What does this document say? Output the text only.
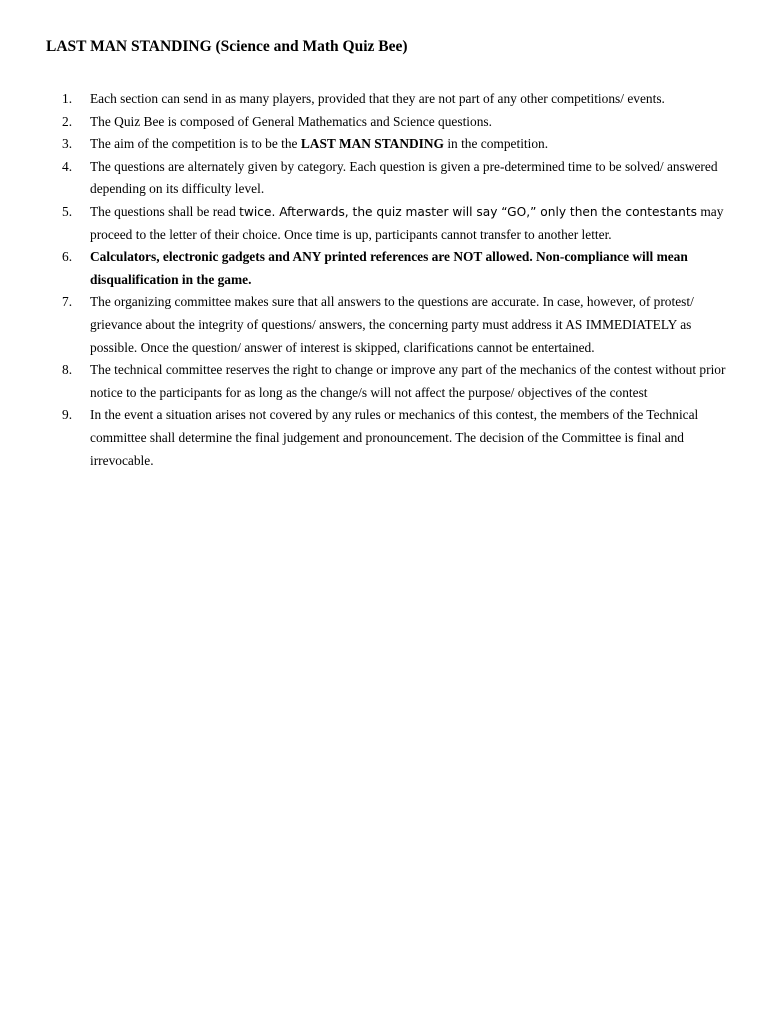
LAST MAN STANDING (Science and Math Quiz Bee)
1.	Each section can send in as many players, provided that they are not part of any other competitions/ events.
2.	The Quiz Bee is composed of General Mathematics and Science questions.
3.	The aim of the competition is to be the LAST MAN STANDING in the competition.
4.	The questions are alternately given by category. Each question is given a pre-determined time to be solved/ answered depending on its difficulty level.
5.	The questions shall be read twice. Afterwards, the quiz master will say “GO,” only then the contestants may proceed to the letter of their choice. Once time is up, participants cannot transfer to another letter.
6.	Calculators, electronic gadgets and ANY printed references are NOT allowed. Non-compliance will mean disqualification in the game.
7.	The organizing committee makes sure that all answers to the questions are accurate. In case, however, of protest/ grievance about the integrity of questions/ answers, the concerning party must address it AS IMMEDIATELY as possible. Once the question/ answer of interest is skipped, clarifications cannot be entertained.
8.	The technical committee reserves the right to change or improve any part of the mechanics of the contest without prior notice to the participants for as long as the change/s will not affect the purpose/ objectives of the contest
9.	In the event a situation arises not covered by any rules or mechanics of this contest, the members of the Technical committee shall determine the final judgement and pronouncement. The decision of the Committee is final and irrevocable.
